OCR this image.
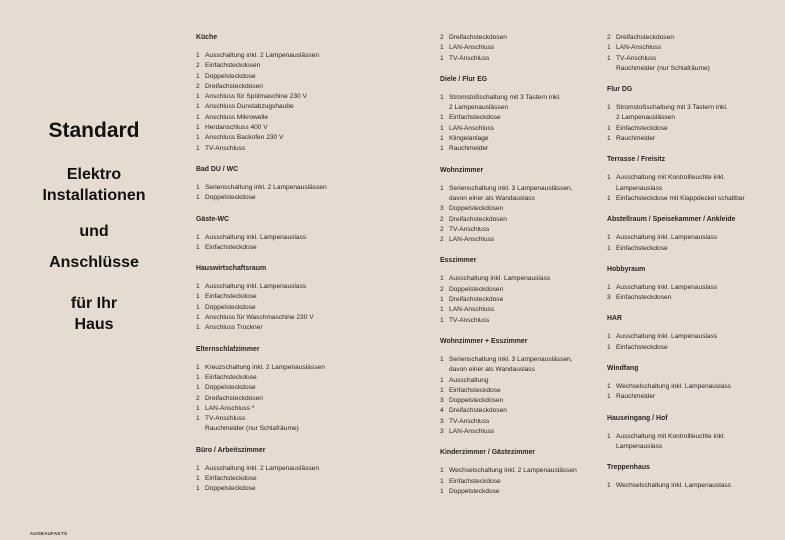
Standard
Elektro
Installationen
und
Anschlüsse
für Ihr
Haus
AUSBAUFAKTS
Küche
1 Ausschaltung inkl. 2 Lampenauslässen
2 Einfachsteckdosen
1 Doppelsteckdose
2 Dreifachsteckdosen
1 Anschluss für Spülmaschine 230 V
1 Anschluss Dunstabzugshaube
1 Anschluss Mikrowelle
1 Herdanschluss 400 V
1 Anschluss Backofen 230 V
1 TV-Anschluss
Bad DU / WC
1 Serienschaltung inkl. 2 Lampenauslässen
1 Doppelsteckdose
Gäste-WC
1 Ausschaltung inkl. Lampenauslass
1 Einfachsteckdose
Hauswirtschaftsraum
1 Ausschaltung inkl. Lampenauslass
1 Einfachsteckdose
1 Doppelsteckdose
1 Anschluss für Waschmaschine 230 V
1 Anschluss Trockner
Elternschlafzimmer
1 Kreuzschaltung inkl. 2 Lampenauslässen
1 Einfachsteckdose
1 Doppelsteckdose
2 Dreifachsteckdosen
1 LAN-Anschluss *
1 TV-Anschluss
Rauchmelder (nur Schlafräume)
Büro / Arbeitszimmer
1 Ausschaltung inkl. 2 Lampenauslässen
1 Einfachsteckdose
1 Doppelsteckdose
2 Dreifachsteckdosen
1 LAN-Anschluss
1 TV-Anschluss
Diele / Flur EG
1 Stromstoßschaltung mit 3 Tastern inkl.
2 Lampenauslässen
1 Einfachsteckdose
1 LAN-Anschluss
1 Klingelanlage
1 Rauchmelder
Wohnzimmer
1 Serienschaltung inkl. 3 Lampenauslässen,
davon einer als Wandauslass
3 Doppelsteckdosen
2 Dreifachsteckdosen
2 TV-Anschluss
2 LAN-Anschluss
Esszimmer
1 Ausschaltung inkl. Lampenauslass
2 Doppelsteckdosen
1 Dreifachsteckdose
1 LAN-Anschluss
1 TV-Anschluss
Wohnzimmer + Esszimmer
1 Serienschaltung inkl. 3 Lampenauslässen,
davon einer als Wandauslass
1 Ausschaltung
1 Einfachsteckdose
3 Doppelsteckdosen
4 Dreifachsteckdosen
3 TV-Anschluss
3 LAN-Anschluss
Kinderzimmer / Gästezimmer
1 Wechselschaltung inkl. 2 Lampenauslässen
1 Einfachsteckdose
1 Doppelsteckdose
2 Dreifachsteckdosen
1 LAN-Anschluss
1 TV-Anschluss
Rauchmelder (nur Schlafräume)
Flur DG
1 Stromstoßschaltung mit 3 Tastern inkl.
2 Lampenauslässen
1 Einfachsteckdose
1 Rauchmelder
Terrasse / Freisitz
1 Ausschaltung mit Kontrollleuchte inkl.
Lampenauslass
1 Einfachsteckdose mit Klappdeckel schaltbar
Abstellraum / Speisekammer / Ankleide
1 Ausschaltung inkl. Lampenauslass
1 Einfachsteckdose
Hobbyraum
1 Ausschaltung inkl. Lampenauslass
3 Einfachsteckdosen
HAR
1 Ausschaltung inkl. Lampenauslass
1 Einfachsteckdose
Windfang
1 Wechselschaltung inkl. Lampenauslass
1 Rauchmelder
Hauseingang / Hof
1 Ausschaltung mit Kontrollleuchte inkl.
Lampenauslass
Treppenhaus
1 Wechselschaltung inkl. Lampenauslass
